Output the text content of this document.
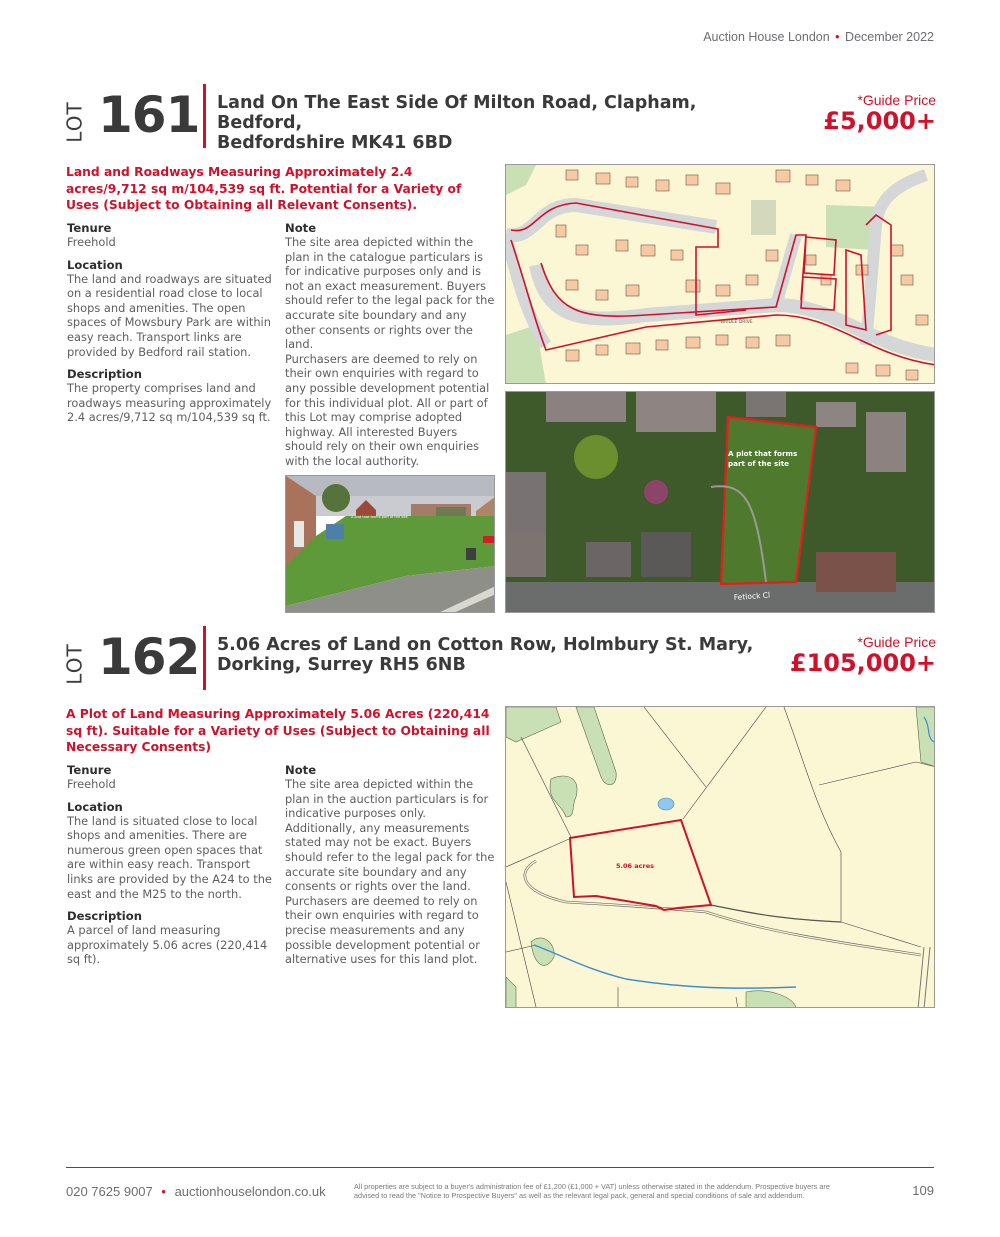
Auction House London • December 2022
LOT 161 Land On The East Side Of Milton Road, Clapham, Bedford,
Bedfordshire MK41 6BD
*Guide Price
£5,000+
Land and Roadways Measuring Approximately 2.4 acres/9,712 sq m/104,539 sq ft. Potential for a Variety of Uses (Subject to Obtaining all Relevant Consents).
Tenure

Freehold

Location

The land and roadways are situated on a residential road close to local shops and amenities. The open spaces of Mowsbury Park are within easy reach. Transport links are provided by Bedford rail station.

Description

The property comprises land and roadways measuring approximately 2.4 acres/9,712 sq m/104,539 sq ft.

Note
The site area depicted within the plan in the catalogue particulars is for indicative purposes only and is not an exact measurement. Buyers should refer to the legal pack for the accurate site boundary and any other consents or rights over the land.
Purchasers are deemed to rely on their own enquiries with regard to any possible development potential for this individual plot. All or part of this Lot may comprise adopted highway. All interested Buyers should rely on their own enquiries with the local authority.
A plot that forms part of the site
BRIDLE DRIVE
A plot that forms
part of the site
Fetlock Cl
LOT 162 5.06 Acres of Land on Cotton Row, Holmbury St. Mary,
Dorking, Surrey RH5 6NB
*Guide Price
£105,000+
A Plot of Land Measuring Approximately 5.06 Acres (220,414 sq ft). Suitable for a Variety of Uses (Subject to Obtaining all Necessary Consents)
Tenure

Freehold

Location

The land is situated close to local shops and amenities. There are numerous green open spaces that are within easy reach. Transport links are provided by the A24 to the east and the M25 to the north.

Description

A parcel of land measuring approximately 5.06 acres (220,414 sq ft).

Note
The site area depicted within the plan in the auction particulars is for indicative purposes only. Additionally, any measurements stated may not be exact. Buyers should refer to the legal pack for the accurate site boundary and any consents or rights over the land.
Purchasers are deemed to rely on their own enquiries with regard to precise measurements and any possible development potential or alternative uses for this land plot.
5.06 acres
020 7625 9007 • auctionhouselondon.co.uk	All properties are subject to a buyer's administration fee of £1,200 (£1,000 + VAT) unless otherwise stated in the addendum. Prospective buyers are advised to read the "Notice to Prospective Buyers" as well as the relevant legal pack, general and special conditions of sale and addendum.	109
